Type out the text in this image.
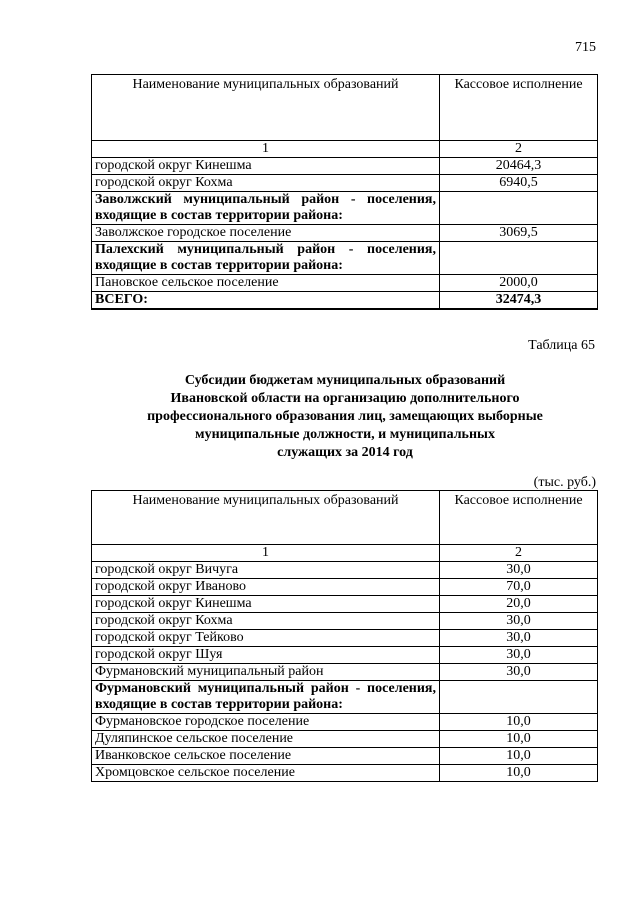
715
Наименование муниципальных образований	Кассовое исполнение
1	2
городской округ Кинешма	20464,3
городской округ Кохма	6940,5
Заволжский муниципальный район - поселения, входящие в состав территории района:	
Заволжское городское поселение	3069,5
Палехский муниципальный район - поселения, входящие в состав территории района:	
Пановское сельское поселение	2000,0
ВСЕГО:	32474,3
Таблица 65
Субсидии бюджетам муниципальных образований
Ивановской области на организацию дополнительного
профессионального образования лиц, замещающих выборные
муниципальные должности, и муниципальных
служащих за 2014 год
(тыс. руб.)
Наименование муниципальных образований	Кассовое исполнение
1	2
городской округ Вичуга	30,0
городской округ Иваново	70,0
городской округ Кинешма	20,0
городской округ Кохма	30,0
городской округ Тейково	30,0
городской округ Шуя	30,0
Фурмановский муниципальный район	30,0
Фурмановский муниципальный район - поселения, входящие в состав территории района:	
Фурмановское городское поселение	10,0
Дуляпинское сельское поселение	10,0
Иванковское сельское поселение	10,0
Хромцовское сельское поселение	10,0
